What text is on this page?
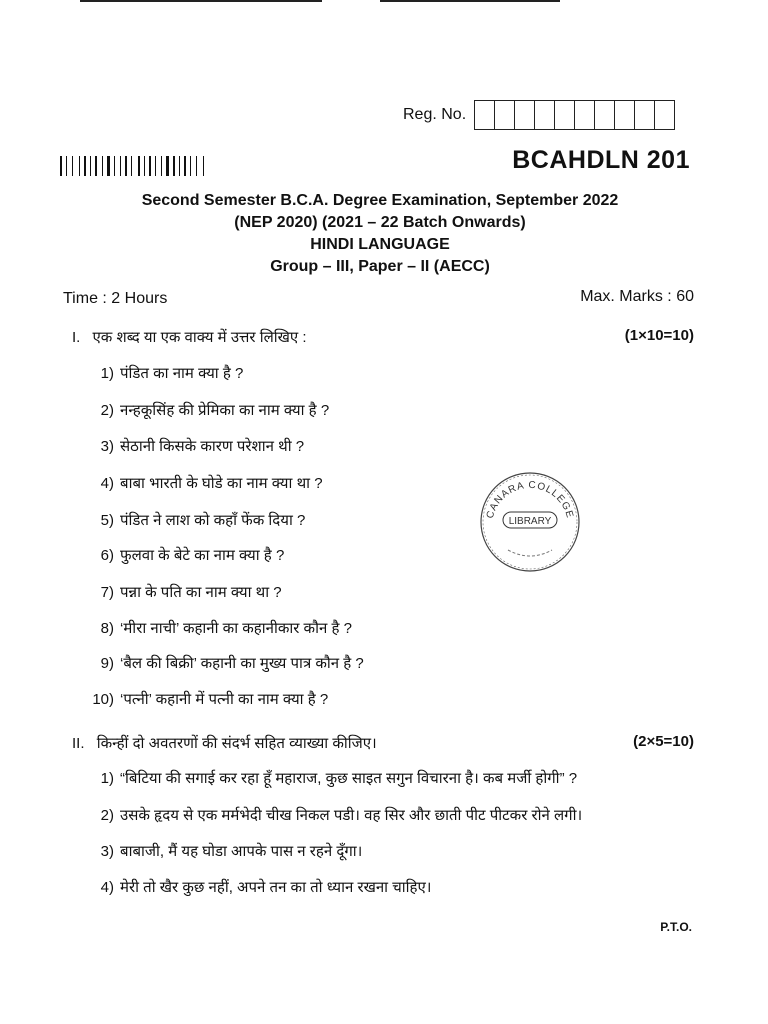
Reg. No.
BCAHDLN 201
Second Semester B.C.A. Degree Examination, September 2022
(NEP 2020) (2021 – 22 Batch Onwards)
HINDI LANGUAGE
Group – III, Paper – II (AECC)
Time : 2 Hours	Max. Marks : 60
I. एक शब्द या एक वाक्य में उत्तर लिखिए :	(1×10=10)
1) पंडित का नाम क्या है ?
2) नन्हकूसिंह की प्रेमिका का नाम क्या है ?
3) सेठानी किसके कारण परेशान थी ?
4) बाबा भारती के घोडे का नाम क्या था ?
5) पंडित ने लाश को कहाँ फेंक दिया ?
6) फुलवा के बेटे का नाम क्या है ?
7) पन्ना के पति का नाम क्या था ?
8) ‘मीरा नाची’ कहानी का कहानीकार कौन है ?
9) ‘बैल की बिक्री’ कहानी का मुख्य पात्र कौन है ?
10) ‘पत्नी’ कहानी में पत्नी का नाम क्या है ?
CANARA COLLEGE
LIBRARY
II. किन्हीं दो अवतरणों की संदर्भ सहित व्याख्या कीजिए।	(2×5=10)
1) “बिटिया की सगाई कर रहा हूँ महाराज, कुछ साइत सगुन विचारना है। कब मर्जी होगी” ?
2) उसके हृदय से एक मर्मभेदी चीख निकल पडी। वह सिर और छाती पीट पीटकर रोने लगी।
3) बाबाजी, मैं यह घोडा आपके पास न रहने दूँगा।
4) मेरी तो खैर कुछ नहीं, अपने तन का तो ध्यान रखना चाहिए।
P.T.O.
